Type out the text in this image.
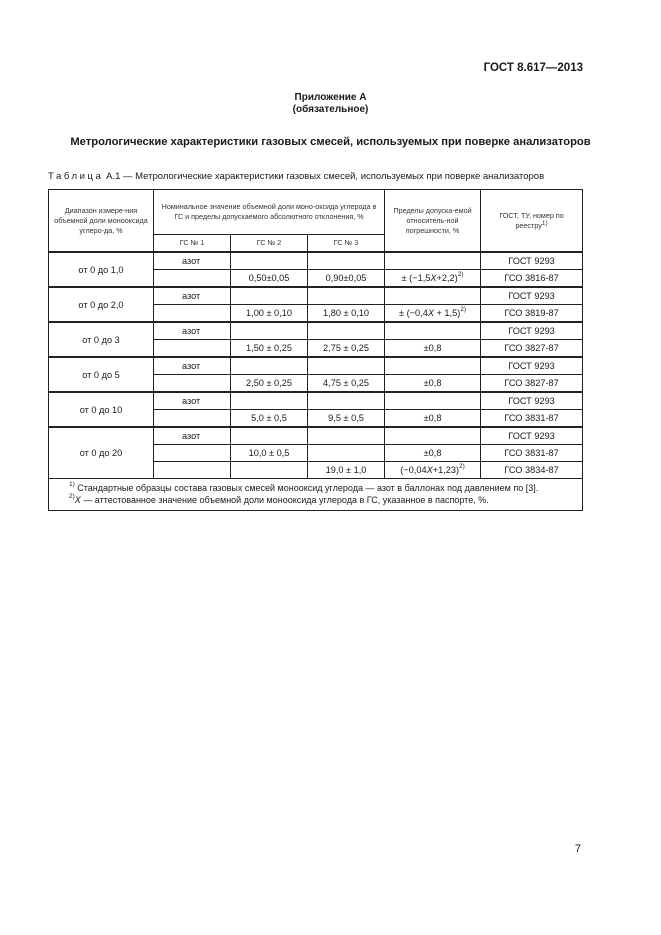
ГОСТ 8.617—2013
Приложение А
(обязательное)
Метрологические характеристики газовых смесей, используемых при поверке анализаторов
Таблица А.1 — Метрологические характеристики газовых смесей, используемых при поверке анализаторов
Диапазон измере-ния объемной доли монооксида углеро-да, %	Номинальное значение объемной доли моно-оксида углерода в ГС и пределы допускаемого абсолютного отклонения, %			Пределы допуска-емой относитель-ной погрешности, %	ГОСТ, ТУ, номер по реестру$^{1)}$
	ГС № 1	ГС № 2	ГС № 3		
от 0 до 1,0	азот				ГОСТ 9293
		0,50±0,05	0,90±0,05	± $(-1,5X+2,2)^{2)}$	ГСО 3816-87
от 0 до 2,0	азот				ГОСТ 9293
		1,00 ± 0,10	1,80 ± 0,10	± $(-0,4X + 1,5)^{2)}$	ГСО 3819-87
от 0 до 3	азот				ГОСТ 9293
		1,50 ± 0,25	2,75 ± 0,25	±0,8	ГСО 3827-87
от 0 до 5	азот				ГОСТ 9293
		2,50 ± 0,25	4,75 ± 0,25	±0,8	ГСО 3827-87
от 0 до 10	азот				ГОСТ 9293
		5,0 ± 0,5	9,5 ± 0,5	±0,8	ГСО 3831-87
от 0 до 20	азот				ГОСТ 9293
		10,0 ± 0,5		±0,8	ГСО 3831-87
			19,0 ± 1,0	$(-0,04X+1,23)^{2)}$	ГСО 3834-87

$^{1)}$ Стандартные образцы состава газовых смесей монооксид углерода — азот в баллонах под давлением по [3].
$^{2)}$X — аттестованное значение объемной доли монооксида углерода в ГС, указанное в паспорте, %.					
7
